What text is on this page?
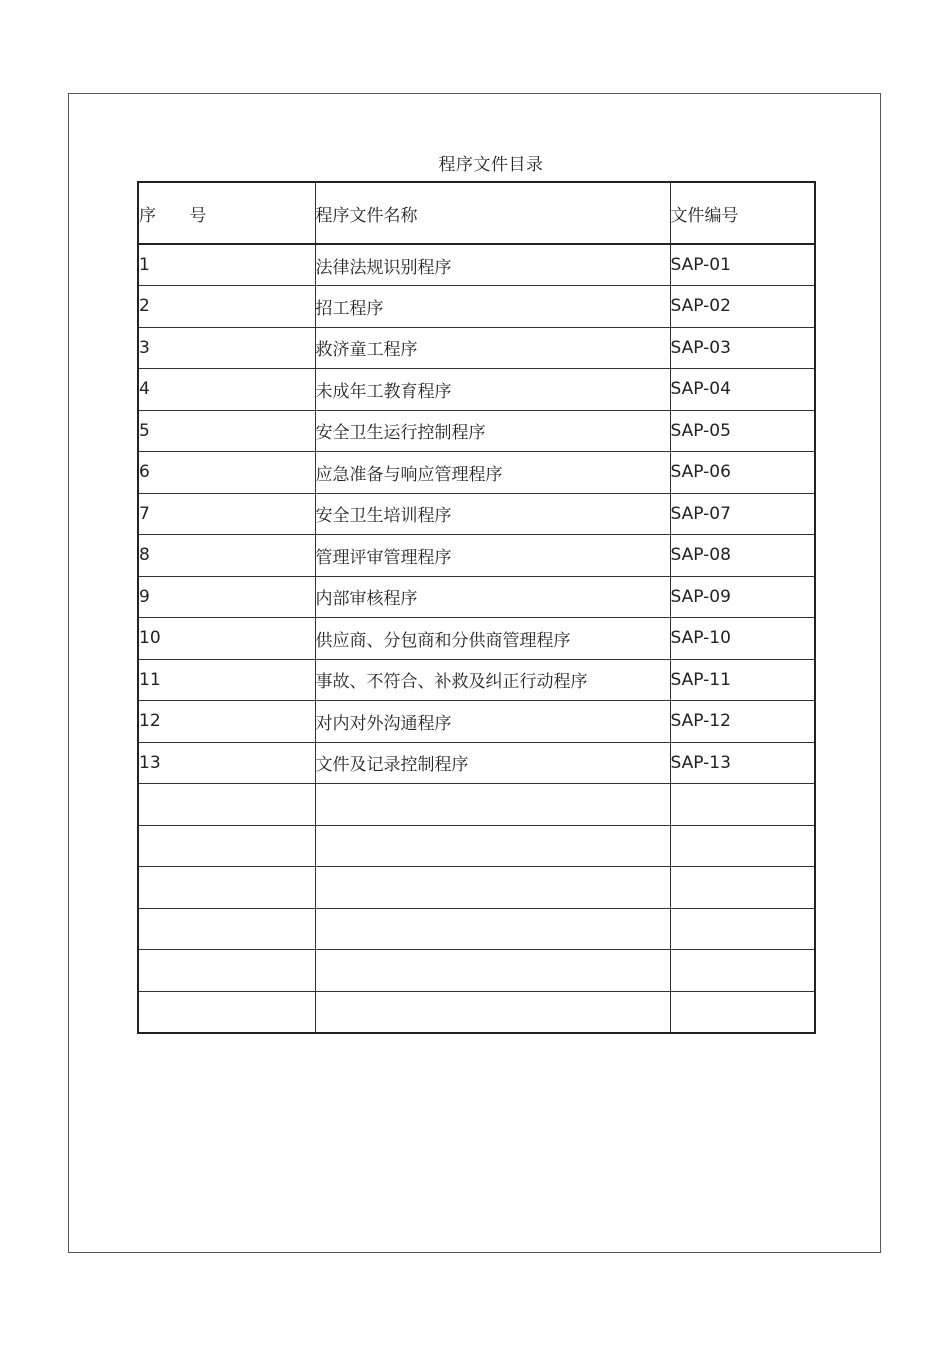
程序文件目录
序 号	程序文件名称	文件编号
1	法律法规识别程序	SAP-01
2	招工程序	SAP-02
3	救济童工程序	SAP-03
4	未成年工教育程序	SAP-04
5	安全卫生运行控制程序	SAP-05
6	应急准备与响应管理程序	SAP-06
7	安全卫生培训程序	SAP-07
8	管理评审管理程序	SAP-08
9	内部审核程序	SAP-09
10	供应商、分包商和分供商管理程序	SAP-10
11	事故、不符合、补救及纠正行动程序	SAP-11
12	对内对外沟通程序	SAP-12
13	文件及记录控制程序	SAP-13
